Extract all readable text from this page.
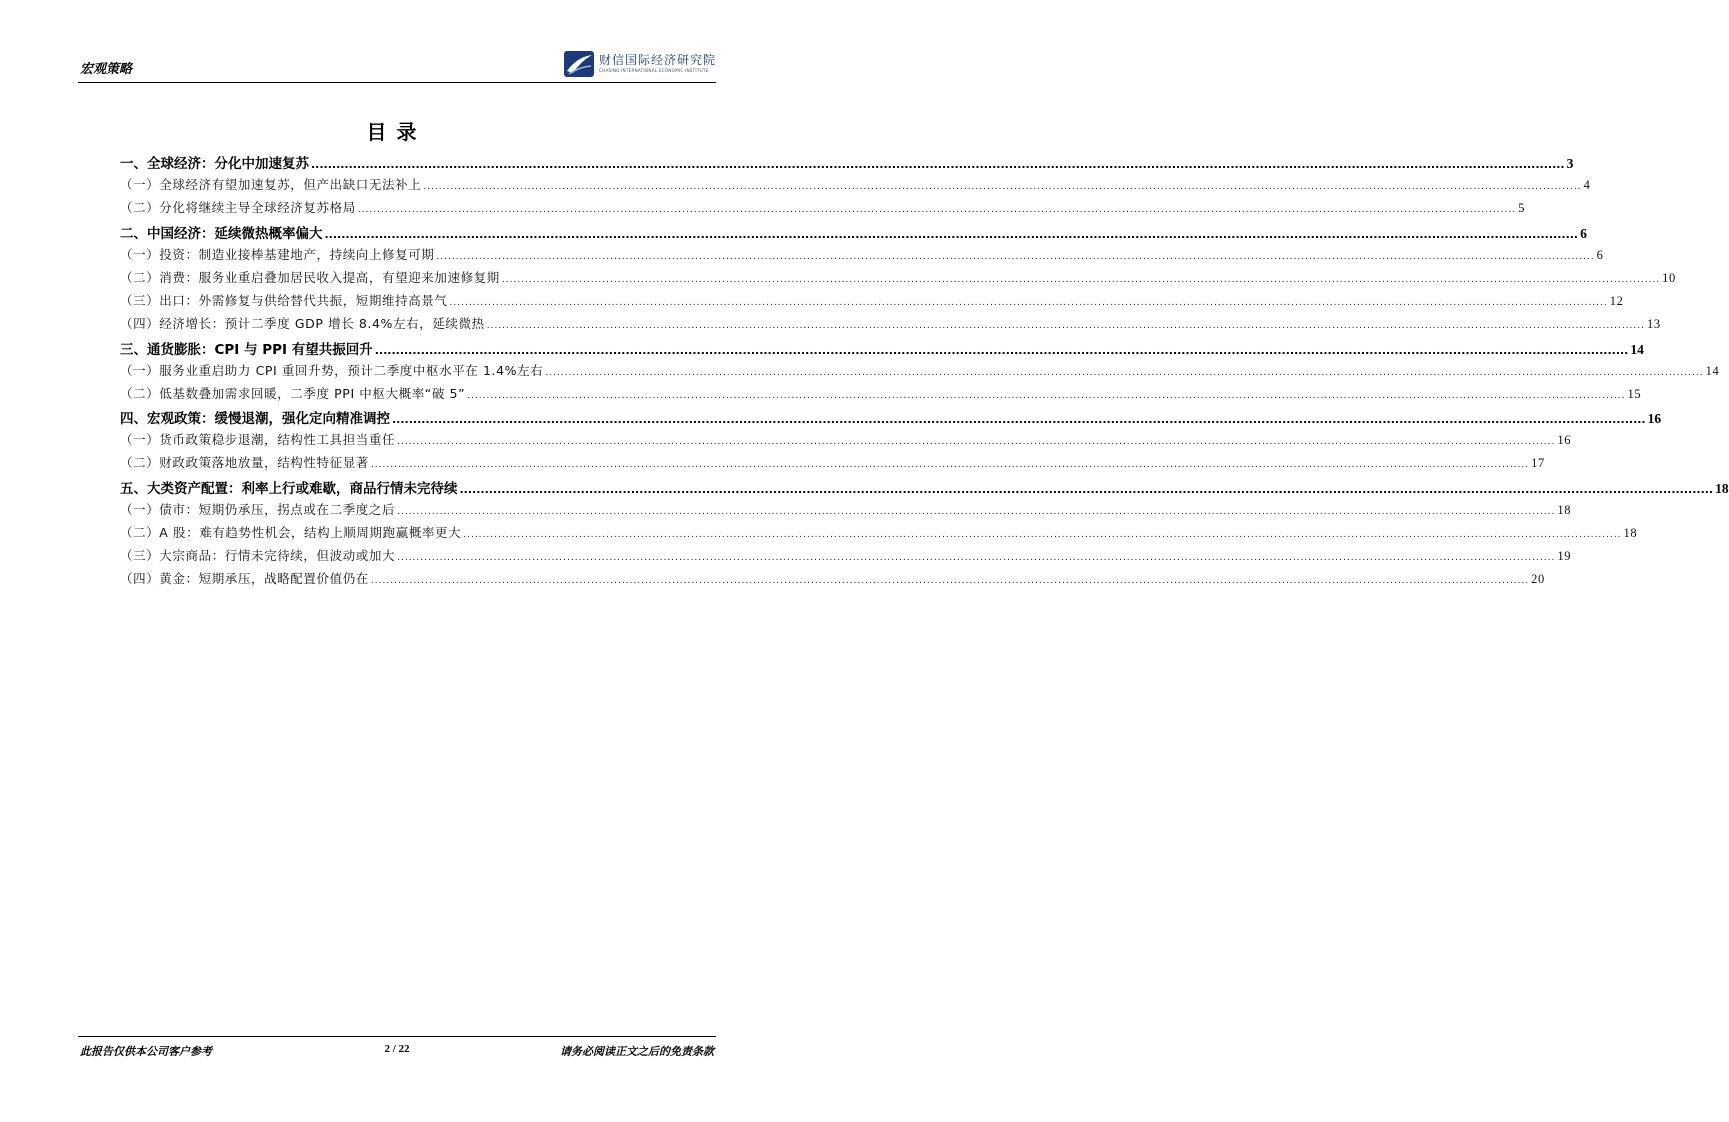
宏观策略
财信国际经济研究院
CHASING INTERNATIONAL ECONOMIC INSTITUTE
目录
一、全球经济：分化中加速复苏 ............................................................................................................................................................................................................................................................................................................ 3
（一）全球经济有望加速复苏，但产出缺口无法补上 ............................................................................................................................................................................................................................................................................................................ 4
（二）分化将继续主导全球经济复苏格局 ............................................................................................................................................................................................................................................................................................................ 5
二、中国经济：延续微热概率偏大 ............................................................................................................................................................................................................................................................................................................ 6
（一）投资：制造业接棒基建地产，持续向上修复可期 ............................................................................................................................................................................................................................................................................................................ 6
（二）消费：服务业重启叠加居民收入提高，有望迎来加速修复期 ............................................................................................................................................................................................................................................................................................................ 10
（三）出口：外需修复与供给替代共振，短期维持高景气 ............................................................................................................................................................................................................................................................................................................ 12
（四）经济增长：预计二季度 GDP 增长 8.4%左右，延续微热 ............................................................................................................................................................................................................................................................................................................ 13
三、通货膨胀：CPI 与 PPI 有望共振回升 ............................................................................................................................................................................................................................................................................................................ 14
（一）服务业重启助力 CPI 重回升势，预计二季度中枢水平在 1.4%左右 ............................................................................................................................................................................................................................................................................................................ 14
（二）低基数叠加需求回暖，二季度 PPI 中枢大概率“破 5” ............................................................................................................................................................................................................................................................................................................ 15
四、宏观政策：缓慢退潮，强化定向精准调控 ............................................................................................................................................................................................................................................................................................................ 16
（一）货币政策稳步退潮，结构性工具担当重任 ............................................................................................................................................................................................................................................................................................................ 16
（二）财政政策落地放量，结构性特征显著 ............................................................................................................................................................................................................................................................................................................ 17
五、大类资产配置：利率上行或难歇，商品行情未完待续 ............................................................................................................................................................................................................................................................................................................ 18
（一）债市：短期仍承压，拐点或在二季度之后 ............................................................................................................................................................................................................................................................................................................ 18
（二）A 股：难有趋势性机会，结构上顺周期跑赢概率更大 ............................................................................................................................................................................................................................................................................................................ 18
（三）大宗商品：行情未完待续，但波动或加大 ............................................................................................................................................................................................................................................................................................................ 19
（四）黄金：短期承压，战略配置价值仍在 ............................................................................................................................................................................................................................................................................................................ 20
此报告仅供本公司客户参考	2 / 22	请务必阅读正文之后的免责条款
